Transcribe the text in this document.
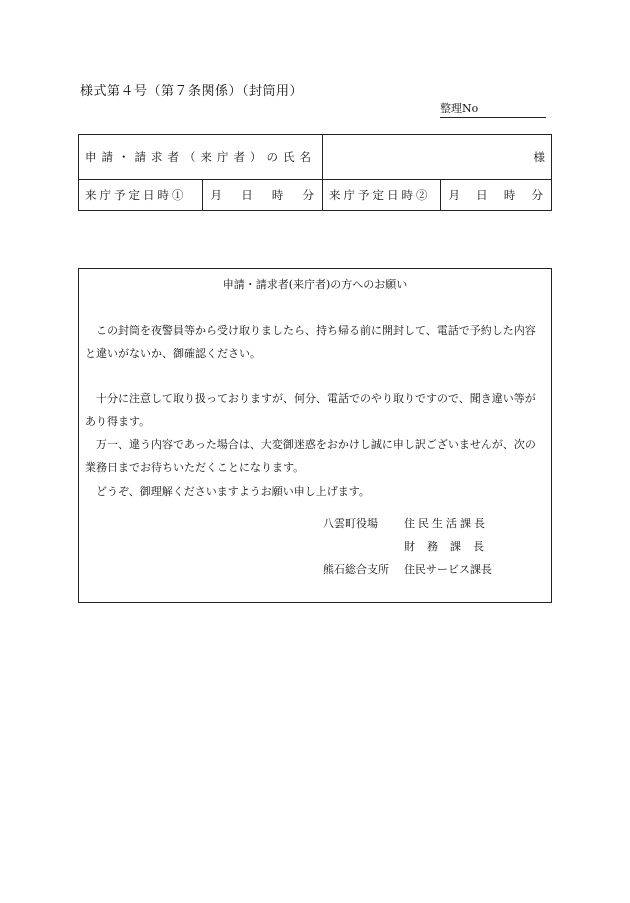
様式第４号（第７条関係）（封筒用）
整理No
申請・請求者（来庁者）の氏名		様	
来庁予定日時①	月 日 時 分	来庁予定日時②	月 日 時 分
申請・請求者(来庁者)の方へのお願い
　この封筒を夜警員等から受け取りましたら、持ち帰る前に開封して、電話で予約した内容と違いがないか、御確認ください。
　十分に注意して取り扱っておりますが、何分、電話でのやり取りですので、聞き違い等があり得ます。
　万一、違う内容であった場合は、大変御迷惑をおかけし誠に申し訳ございませんが、次の業務日までお待ちいただくことになります。
　どうぞ、御理解くださいますようお願い申し上げます。
八雲町役場 住民生活課長
財務課長
熊石総合支所 住民サービス課長
